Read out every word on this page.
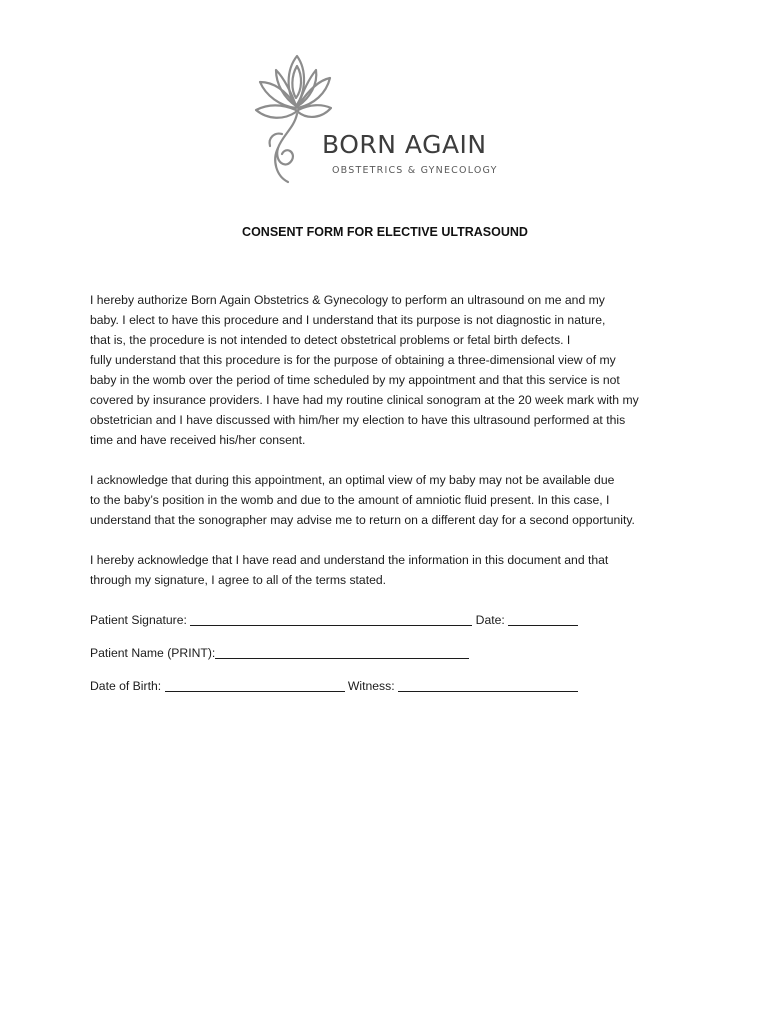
BORN AGAIN
OBSTETRICS & GYNECOLOGY
CONSENT FORM FOR ELECTIVE ULTRASOUND

I hereby authorize Born Again Obstetrics & Gynecology to perform an ultrasound on me and my
baby. I elect to have this procedure and I understand that its purpose is not diagnostic in nature,
that is, the procedure is not intended to detect obstetrical problems or fetal birth defects. I
fully understand that this procedure is for the purpose of obtaining a three-dimensional view of my
baby in the womb over the period of time scheduled by my appointment and that this service is not
covered by insurance providers. I have had my routine clinical sonogram at the 20 week mark with my
obstetrician and I have discussed with him/her my election to have this ultrasound performed at this
time and have received his/her consent.

I acknowledge that during this appointment, an optimal view of my baby may not be available due
to the baby’s position in the womb and due to the amount of amniotic fluid present. In this case, I
understand that the sonographer may advise me to return on a different day for a second opportunity.

I hereby acknowledge that I have read and understand the information in this document and that
through my signature, I agree to all of the terms stated.

Patient Signature:	Date:
Patient Name (PRINT):
Date of Birth:	Witness:
